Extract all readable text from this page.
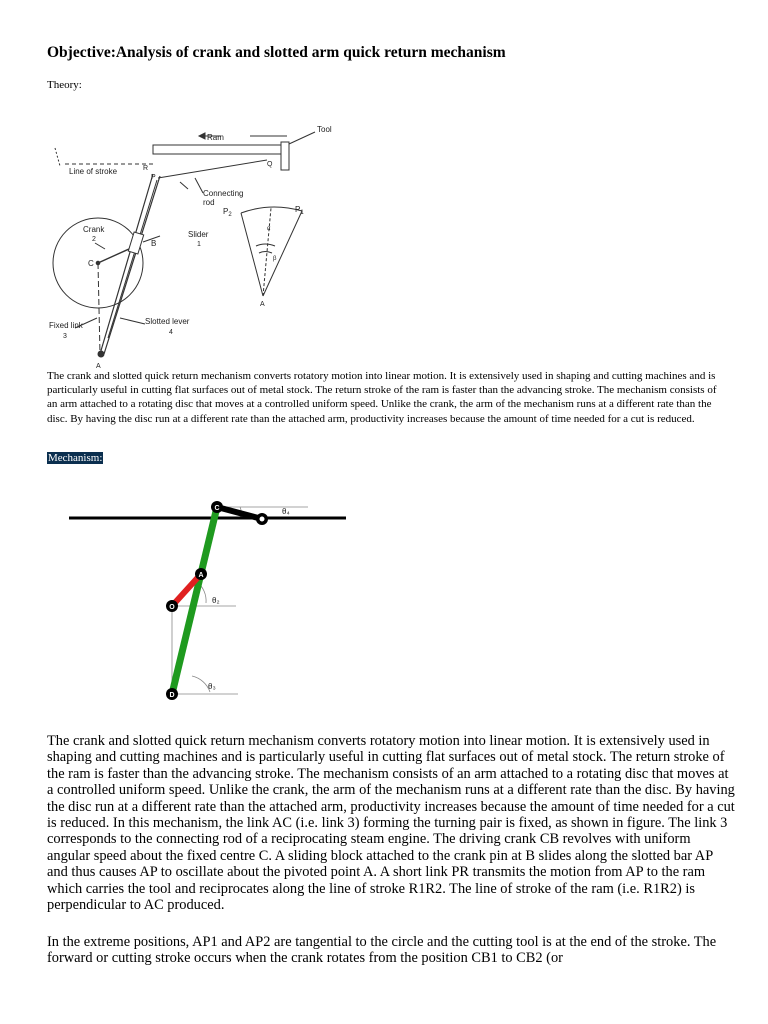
Objective:Analysis of crank and slotted arm quick return mechanism

Theory:

Ram
Tool
Line of stroke	R
Q
P
Connecting
rod
Crank
2
Slider
1
B
C
Fixed link
3
Slotted lever
4
A
$P_2$
$P_1$
α
β
A

The crank and slotted quick return mechanism converts rotatory motion into linear motion. It is extensively used in shaping and cutting machines and is particularly useful in cutting flat surfaces out of metal stock. The return stroke of the ram is faster than the advancing stroke. The mechanism consists of an arm attached to a rotating disc that moves at a controlled uniform speed. Unlike the crank, the arm of the mechanism runs at a different rate than the disc. By having the disc run at a different rate than the attached arm, productivity increases because the amount of time needed for a cut is reduced.

Mechanism:

C
A
O
D
θ₄
θ₂
θ₃

The crank and slotted quick return mechanism converts rotatory motion into linear motion. It is extensively used in shaping and cutting machines and is particularly useful in cutting flat surfaces out of metal stock. The return stroke of the ram is faster than the advancing stroke. The mechanism consists of an arm attached to a rotating disc that moves at a controlled uniform speed. Unlike the crank, the arm of the mechanism runs at a different rate than the disc. By having the disc run at a different rate than the attached arm, productivity increases because the amount of time needed for a cut is reduced. In this mechanism, the link AC (i.e. link 3) forming the turning pair is fixed, as shown in figure. The link 3 corresponds to the connecting rod of a reciprocating steam engine. The driving crank CB revolves with uniform angular speed about the fixed centre C. A sliding block attached to the crank pin at B slides along the slotted bar AP and thus causes AP to oscillate about the pivoted point A. A short link PR transmits the motion from AP to the ram which carries the tool and reciprocates along the line of stroke R1R2. The line of stroke of the ram (i.e. R1R2) is perpendicular to AC produced.

In the extreme positions, AP1 and AP2 are tangential to the circle and the cutting tool is at the end of the stroke. The forward or cutting stroke occurs when the crank rotates from the position CB1 to CB2 (or
